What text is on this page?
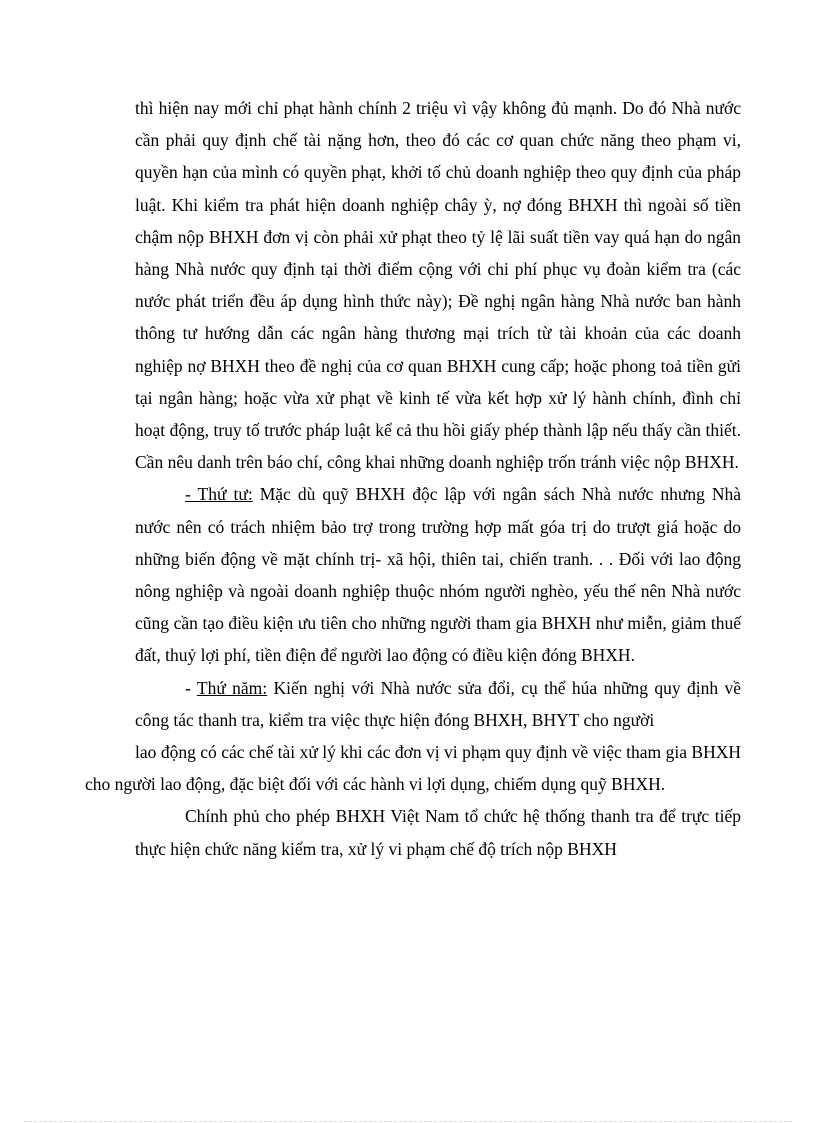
thì hiện nay mới chỉ phạt hành chính 2 triệu vì vậy không đủ mạnh. Do đó Nhà nước cần phải quy định chế tài nặng hơn, theo đó các cơ quan chức năng theo phạm vi, quyền hạn của mình có quyền phạt, khởi tố chủ doanh nghiệp theo quy định của pháp luật. Khi kiểm tra phát hiện doanh nghiệp chây ỳ, nợ đóng BHXH thì ngoài số tiền chậm nộp BHXH đơn vị còn phải xử phạt theo tỷ lệ lãi suất tiền vay quá hạn do ngân hàng Nhà nước quy định tại thời điểm cộng với chi phí phục vụ đoàn kiểm tra (các nước phát triển đều áp dụng hình thức này); Đề nghị ngân hàng Nhà nước ban hành thông tư hướng dẫn các ngân hàng thương mại trích từ tài khoản của các doanh nghiệp nợ BHXH theo đề nghị của cơ quan BHXH cung cấp; hoặc phong toả tiền gửi tại ngân hàng; hoặc vừa xử phạt về kinh tế vừa kết hợp xử lý hành chính, đình chỉ hoạt động, truy tố trước pháp luật kể cả thu hồi giấy phép thành lập nếu thấy cần thiết. Cần nêu danh trên báo chí, công khai những doanh nghiệp trốn tránh việc nộp BHXH.

- Thứ tư: Mặc dù quỹ BHXH độc lập với ngân sách Nhà nước nhưng Nhà nước nên có trách nhiệm bảo trợ trong trường hợp mất góa trị do trượt giá hoặc do những biến động về mặt chính trị- xã hội, thiên tai, chiến tranh. . . Đối với lao động nông nghiệp và ngoài doanh nghiệp thuộc nhóm người nghèo, yếu thế nên Nhà nước cũng cần tạo điều kiện ưu tiên cho những người tham gia BHXH như miễn, giảm thuế đất, thuỷ lợi phí, tiền điện để người lao động có điều kiện đóng BHXH.

- Thứ năm: Kiến nghị với Nhà nước sửa đổi, cụ thể húa những quy định về công tác thanh tra, kiểm tra việc thực hiện đóng BHXH, BHYT cho người
lao động có các chế tài xử lý khi các đơn vị vi phạm quy định về việc tham gia BHXH cho người lao động, đặc biệt đối với các hành vi lợi dụng, chiếm dụng quỹ BHXH.

Chính phủ cho phép BHXH Việt Nam tổ chức hệ thống thanh tra để trực tiếp thực hiện chức năng kiểm tra, xử lý vi phạm chế độ trích nộp BHXH
